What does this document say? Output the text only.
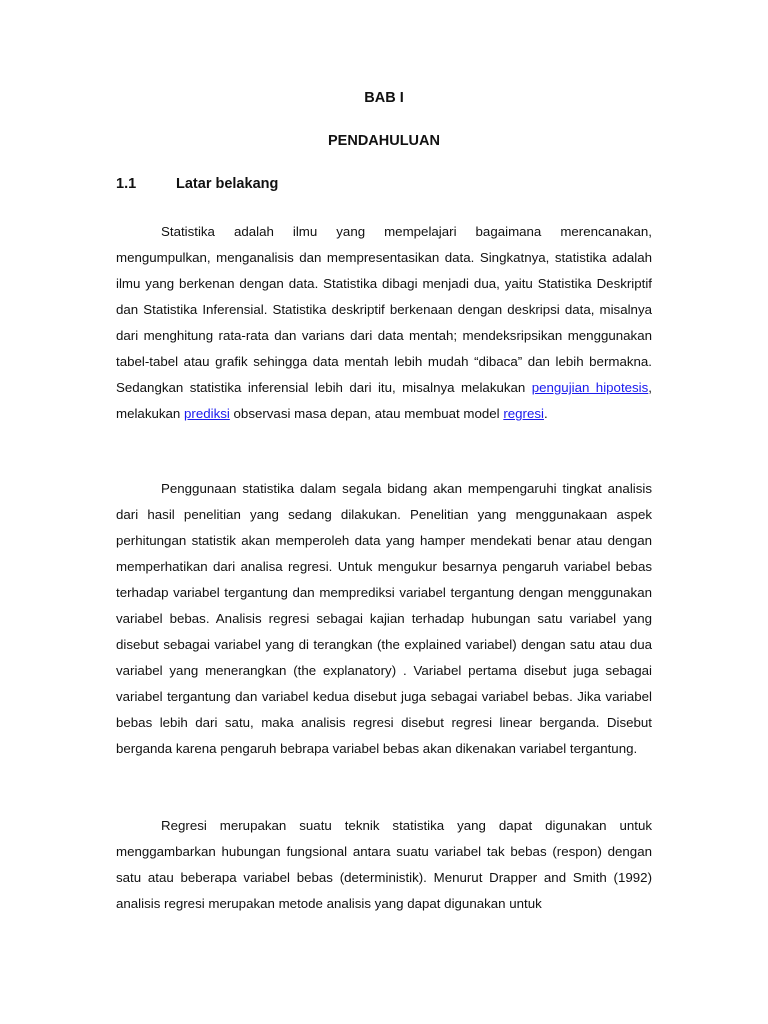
BAB I
PENDAHULUAN
1.1	Latar belakang

Statistika adalah ilmu yang mempelajari bagaimana merencanakan, mengumpulkan, menganalisis dan mempresentasikan data. Singkatnya, statistika adalah ilmu yang berkenan dengan data. Statistika dibagi menjadi dua, yaitu Statistika Deskriptif dan Statistika Inferensial. Statistika deskriptif berkenaan dengan deskripsi data, misalnya dari menghitung rata-rata dan varians dari data mentah; mendeksripsikan menggunakan tabel-tabel atau grafik sehingga data mentah lebih mudah “dibaca” dan lebih bermakna. Sedangkan statistika inferensial lebih dari itu, misalnya melakukan pengujian hipotesis, melakukan prediksi observasi masa depan, atau membuat model regresi.

Penggunaan statistika dalam segala bidang akan mempengaruhi tingkat analisis dari hasil penelitian yang sedang dilakukan. Penelitian yang menggunakaan aspek perhitungan statistik akan memperoleh data yang hamper mendekati benar atau dengan memperhatikan dari analisa regresi. Untuk mengukur besarnya pengaruh variabel bebas terhadap variabel tergantung dan memprediksi variabel tergantung dengan menggunakan variabel bebas. Analisis regresi sebagai kajian terhadap hubungan satu variabel yang disebut sebagai variabel yang di terangkan (the explained variabel) dengan satu atau dua variabel yang menerangkan (the explanatory) . Variabel pertama disebut juga sebagai variabel tergantung dan variabel kedua disebut juga sebagai variabel bebas. Jika variabel bebas lebih dari satu, maka analisis regresi disebut regresi linear berganda. Disebut berganda karena pengaruh bebrapa variabel bebas akan dikenakan variabel tergantung.

Regresi merupakan suatu teknik statistika yang dapat digunakan untuk menggambarkan hubungan fungsional antara suatu variabel tak bebas (respon) dengan satu atau beberapa variabel bebas (deterministik). Menurut Drapper and Smith (1992) analisis regresi merupakan metode analisis yang dapat digunakan untuk
